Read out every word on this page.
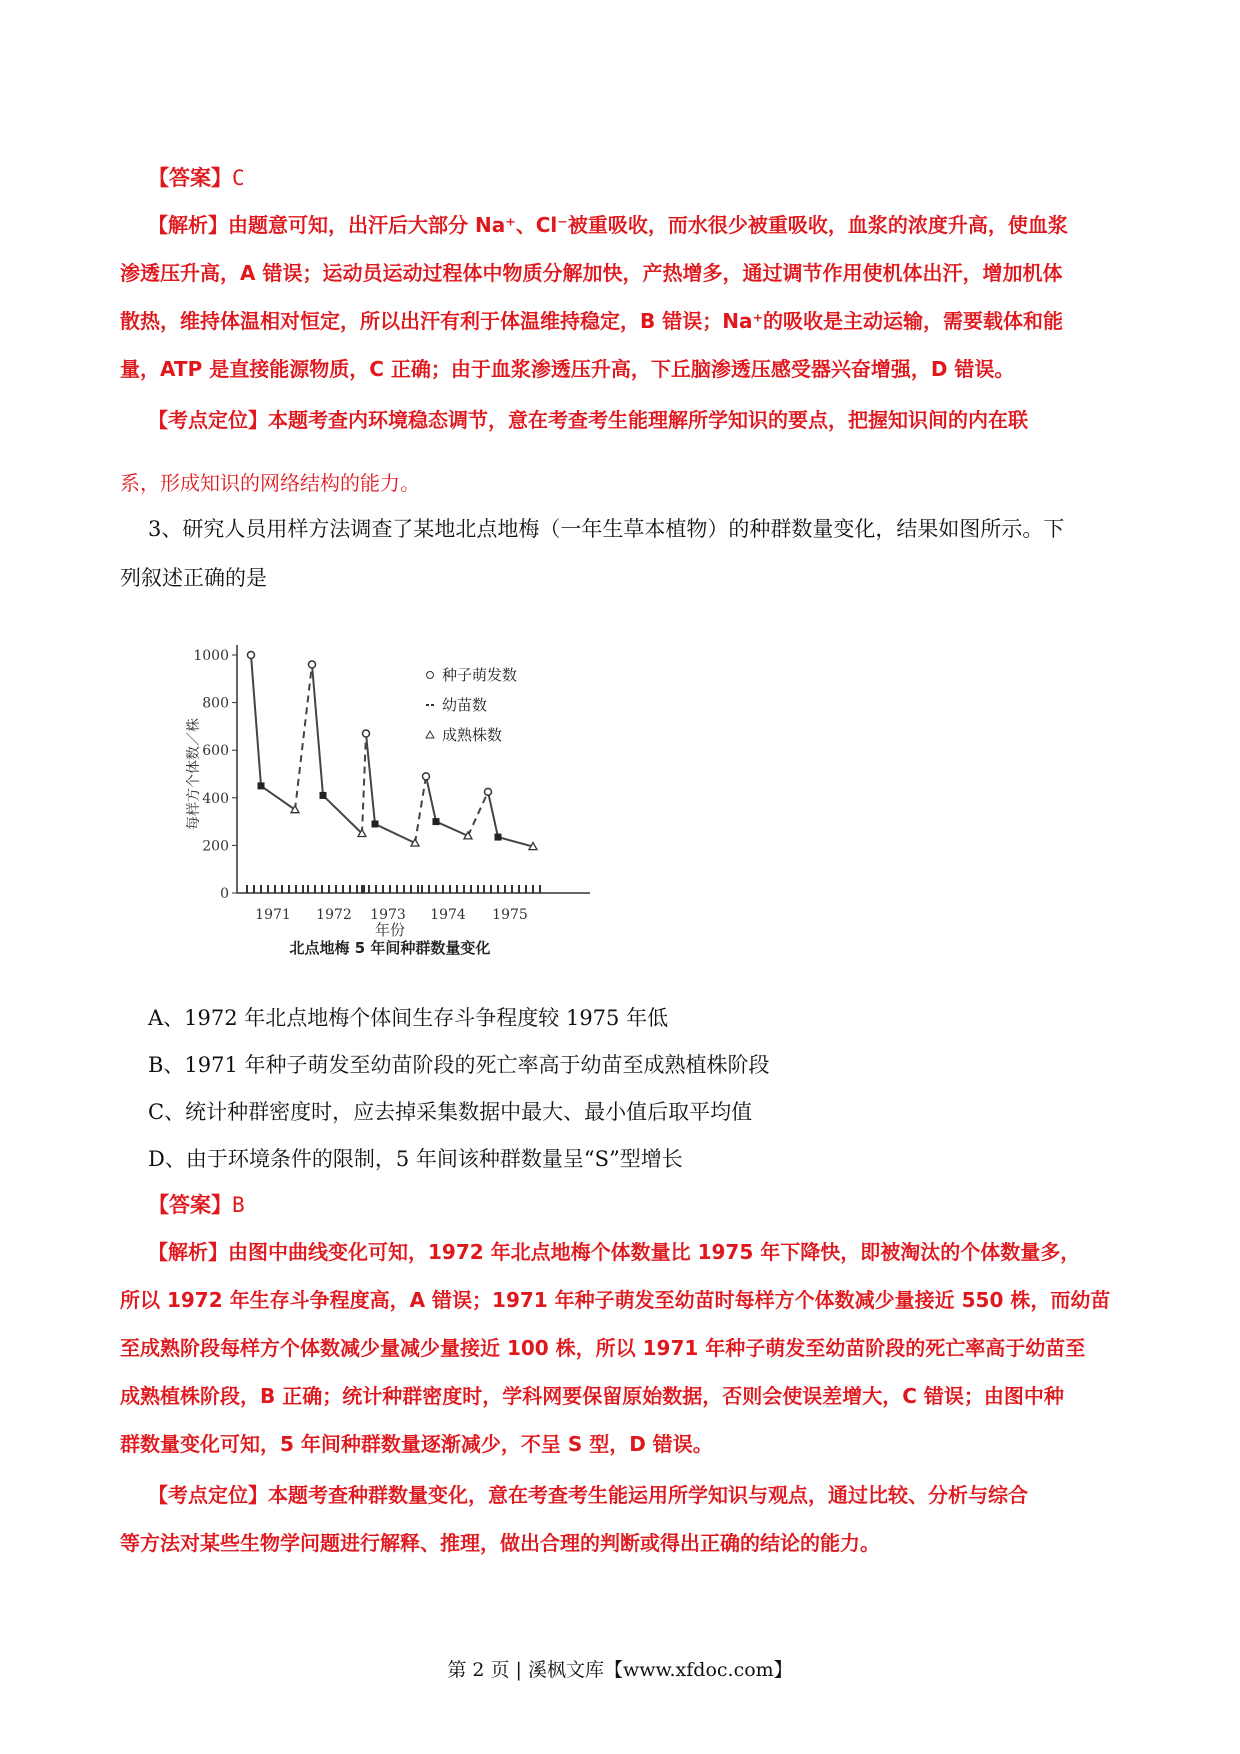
【答案】C
【解析】由题意可知，出汗后大部分 Na⁺、Cl⁻被重吸收，而水很少被重吸收，血浆的浓度升高，使血浆
渗透压升高，A 错误；运动员运动过程体中物质分解加快，产热增多，通过调节作用使机体出汗，增加机体
散热，维持体温相对恒定，所以出汗有利于体温维持稳定，B 错误；Na⁺的吸收是主动运输，需要载体和能
量，ATP 是直接能源物质，C 正确；由于血浆渗透压升高，下丘脑渗透压感受器兴奋增强，D 错误。
【考点定位】本题考查内环境稳态调节，意在考查考生能理解所学知识的要点，把握知识间的内在联
系，形成知识的网络结构的能力。
3、研究人员用样方法调查了某地北点地梅（一年生草本植物）的种群数量变化，结果如图所示。下
列叙述正确的是
0
200
400
600
800
1000
1971 1972 1973 1974 1975
每样方个体数／株
年份
北点地梅 5 年间种群数量变化
种子萌发数
幼苗数
成熟株数
A、1972 年北点地梅个体间生存斗争程度较 1975 年低
B、1971 年种子萌发至幼苗阶段的死亡率高于幼苗至成熟植株阶段
C、统计种群密度时，应去掉采集数据中最大、最小值后取平均值
D、由于环境条件的限制，5 年间该种群数量呈“S”型增长
【答案】B
【解析】由图中曲线变化可知，1972 年北点地梅个体数量比 1975 年下降快，即被淘汰的个体数量多，
所以 1972 年生存斗争程度高，A 错误；1971 年种子萌发至幼苗时每样方个体数减少量接近 550 株，而幼苗
至成熟阶段每样方个体数减少量减少量接近 100 株，所以 1971 年种子萌发至幼苗阶段的死亡率高于幼苗至
成熟植株阶段，B 正确；统计种群密度时，学科网要保留原始数据，否则会使误差增大，C 错误；由图中种
群数量变化可知，5 年间种群数量逐渐减少，不呈 S 型，D 错误。
【考点定位】本题考查种群数量变化，意在考查考生能运用所学知识与观点，通过比较、分析与综合
等方法对某些生物学问题进行解释、推理，做出合理的判断或得出正确的结论的能力。
第 2 页 | 溪枫文库【www.xfdoc.com】
